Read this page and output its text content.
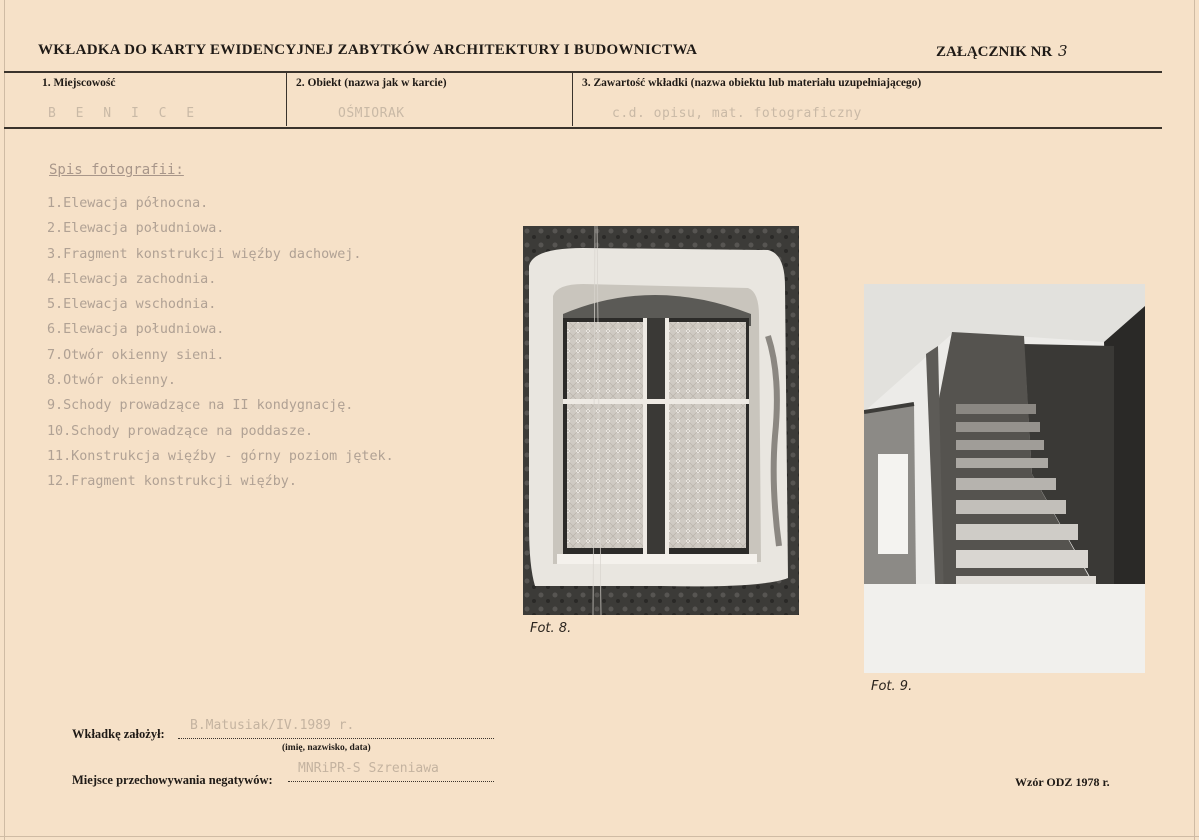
WKŁADKA DO KARTY EWIDENCYJNEJ ZABYTKÓW ARCHITEKTURY I BUDOWNICTWA	ZAŁĄCZNIK NR 3
1. Miejscowość
B E N I C E
2. Obiekt (nazwa jak w karcie)
OŚMIORAK
3. Zawartość wkładki (nazwa obiektu lub materiału uzupełniającego)
c.d. opisu, mat. fotograficzny
Spis fotografii:
1.Elewacja północna.
2.Elewacja południowa.
3.Fragment konstrukcji więźby dachowej.
4.Elewacja zachodnia.
5.Elewacja wschodnia.
6.Elewacja południowa.
7.Otwór okienny sieni.
8.Otwór okienny.
9.Schody prowadzące na II kondygnację.
10.Schody prowadzące na poddasze.
11.Konstrukcja więźby - górny poziom jętek.
12.Fragment konstrukcji więźby.
Fot. 8.
Fot. 9.
Wkładkę założył:
B.Matusiak/IV.1989 r.
(imię, nazwisko, data)
Miejsce przechowywania negatywów:
MNRiPR-S Szreniawa
Wzór ODZ 1978 r.
